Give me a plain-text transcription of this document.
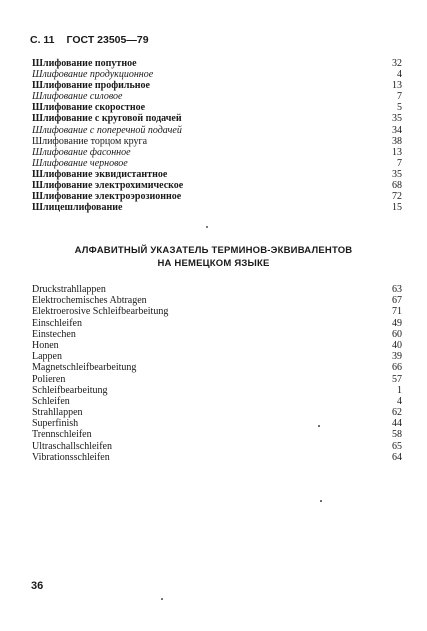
С. 11 ГОСТ 23505—79
Шлифование попутное	32
Шлифование продукционное	4
Шлифование профильное	13
Шлифование силовое	7
Шлифование скоростное	5
Шлифование с круговой подачей	35
Шлифование с поперечной подачей	34
Шлифование торцом круга	38
Шлифование фасонное	13
Шлифование черновое	7
Шлифование эквидистантное	35
Шлифование электрохимическое	68
Шлифование электроэрозионное	72
Шлицешлифование	15
АЛФАВИТНЫЙ УКАЗАТЕЛЬ ТЕРМИНОВ-ЭКВИВАЛЕНТОВ
НА НЕМЕЦКОМ ЯЗЫКЕ
Druckstrahllappen	63
Elektrochemisches Abtragen	67
Elektroerosive Schleifbearbeitung	71
Einschleifen	49
Einstechen	60
Honen	40
Lappen	39
Magnetschleifbearbeitung	66
Polieren	57
Schleifbearbeitung	1
Schleifen	4
Strahllappen	62
Superfinish	44
Trennschleifen	58
Ultraschallschleifen	65
Vibrationsschleifen	64
36
